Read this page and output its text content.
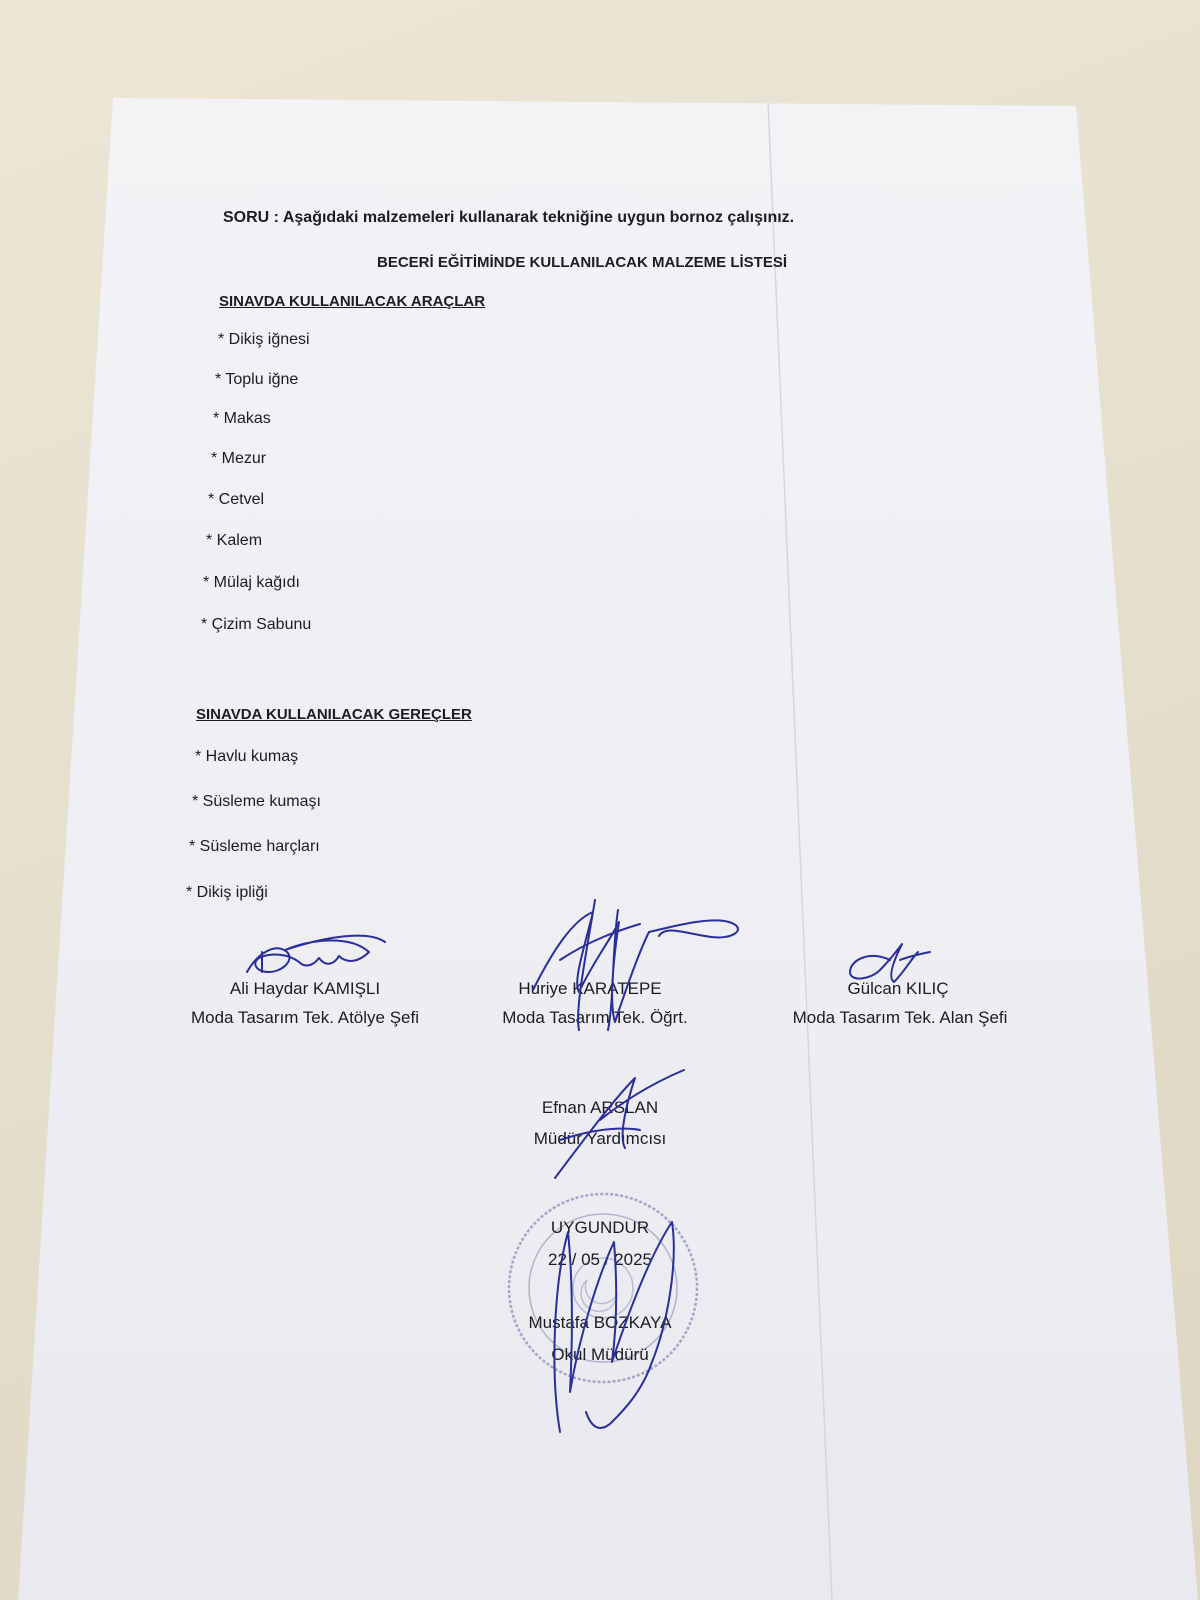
SORU : Aşağıdaki malzemeleri kullanarak tekniğine uygun bornoz çalışınız.
BECERİ EĞİTİMİNDE KULLANILACAK MALZEME LİSTESİ
SINAVDA KULLANILACAK ARAÇLAR
* Dikiş iğnesi
* Toplu iğne
* Makas
* Mezur
* Cetvel
* Kalem
* Mülaj kağıdı
* Çizim Sabunu
SINAVDA KULLANILACAK GEREÇLER
* Havlu kumaş
* Süsleme kumaşı
* Süsleme harçları
* Dikiş ipliği
Ali Haydar KAMIŞLI
Moda Tasarım Tek. Atölye Şefi
Huriye KARATEPE
Moda Tasarım Tek. Öğrt.
Gülcan KILIÇ
Moda Tasarım Tek. Alan Şefi
Efnan ARSLAN
Müdür Yardımcısı
UYGUNDUR
22 / 05 / 2025
Mustafa BOZKAYA
Okul Müdürü
